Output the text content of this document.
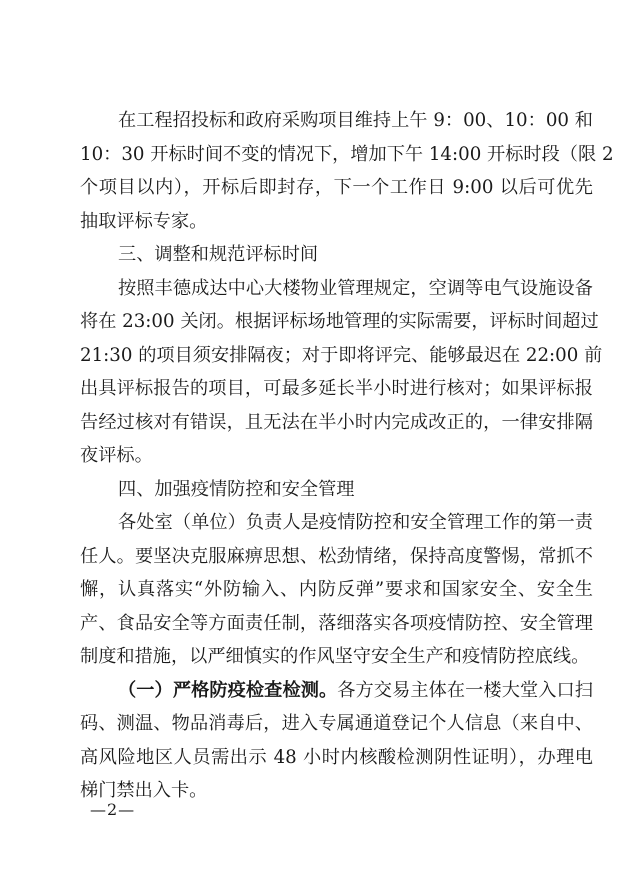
在工程招投标和政府采购项目维持上午 9：00、10：00 和
10：30 开标时间不变的情况下，增加下午 14:00 开标时段（限 2
个项目以内），开标后即封存，下一个工作日 9:00 以后可优先
抽取评标专家。
三、调整和规范评标时间
按照丰德成达中心大楼物业管理规定，空调等电气设施设备
将在 23:00 关闭。根据评标场地管理的实际需要，评标时间超过
21:30 的项目须安排隔夜；对于即将评完、能够最迟在 22:00 前
出具评标报告的项目，可最多延长半小时进行核对；如果评标报
告经过核对有错误，且无法在半小时内完成改正的，一律安排隔
夜评标。
四、加强疫情防控和安全管理
各处室（单位）负责人是疫情防控和安全管理工作的第一责
任人。要坚决克服麻痹思想、松劲情绪，保持高度警惕，常抓不
懈，认真落实“外防输入、内防反弹”要求和国家安全、安全生
产、食品安全等方面责任制，落细落实各项疫情防控、安全管理
制度和措施，以严细慎实的作风坚守安全生产和疫情防控底线。
（一）严格防疫检查检测。各方交易主体在一楼大堂入口扫
码、测温、物品消毒后，进入专属通道登记个人信息（来自中、
高风险地区人员需出示 48 小时内核酸检测阴性证明），办理电
梯门禁出入卡。
—2—
